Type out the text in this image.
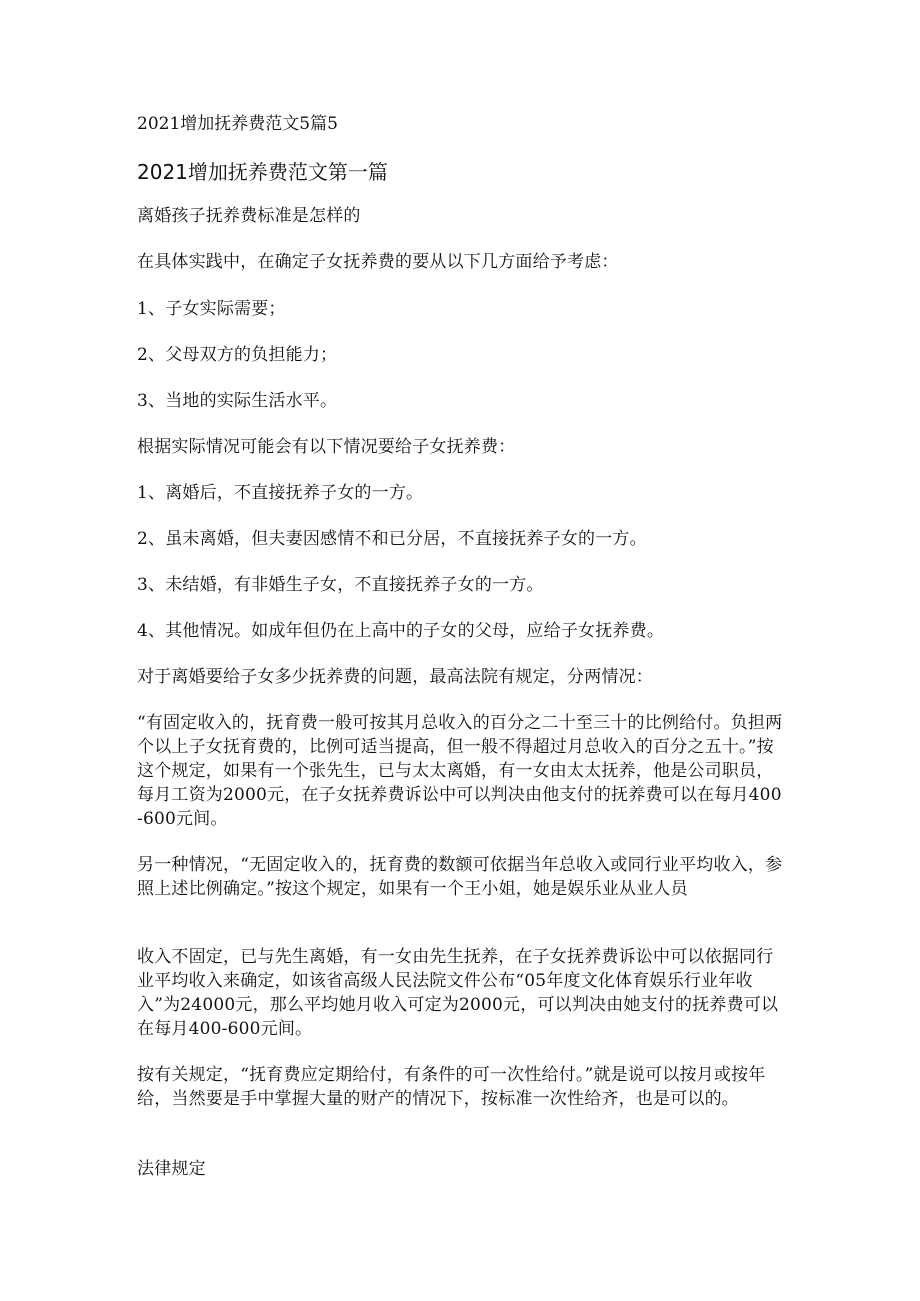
2021增加抚养费范文5篇5

2021增加抚养费范文第一篇

离婚孩子抚养费标准是怎样的

在具体实践中，在确定子女抚养费的要从以下几方面给予考虑：

1、子女实际需要；

2、父母双方的负担能力；

3、当地的实际生活水平。

根据实际情况可能会有以下情况要给子女抚养费：

1、离婚后，不直接抚养子女的一方。

2、虽未离婚，但夫妻因感情不和已分居，不直接抚养子女的一方。

3、未结婚，有非婚生子女，不直接抚养子女的一方。

4、其他情况。如成年但仍在上高中的子女的父母，应给子女抚养费。

对于离婚要给子女多少抚养费的问题，最高法院有规定，分两情况：

“有固定收入的，抚育费一般可按其月总收入的百分之二十至三十的比例给付。负担两个以上子女抚育费的，比例可适当提高，但一般不得超过月总收入的百分之五十。”按这个规定，如果有一个张先生，已与太太离婚，有一女由太太抚养，他是公司职员，每月工资为2000元，在子女抚养费诉讼中可以判决由他支付的抚养费可以在每月400-600元间。

另一种情况，“无固定收入的，抚育费的数额可依据当年总收入或同行业平均收入，参照上述比例确定。”按这个规定，如果有一个王小姐，她是娱乐业从业人员

收入不固定，已与先生离婚，有一女由先生抚养，在子女抚养费诉讼中可以依据同行业平均收入来确定，如该省高级人民法院文件公布“05年度文化体育娱乐行业年收入”为24000元，那么平均她月收入可定为2000元，可以判决由她支付的抚养费可以在每月400-600元间。

按有关规定，“抚育费应定期给付，有条件的可一次性给付。”就是说可以按月或按年给，当然要是手中掌握大量的财产的情况下，按标准一次性给齐，也是可以的。

法律规定
